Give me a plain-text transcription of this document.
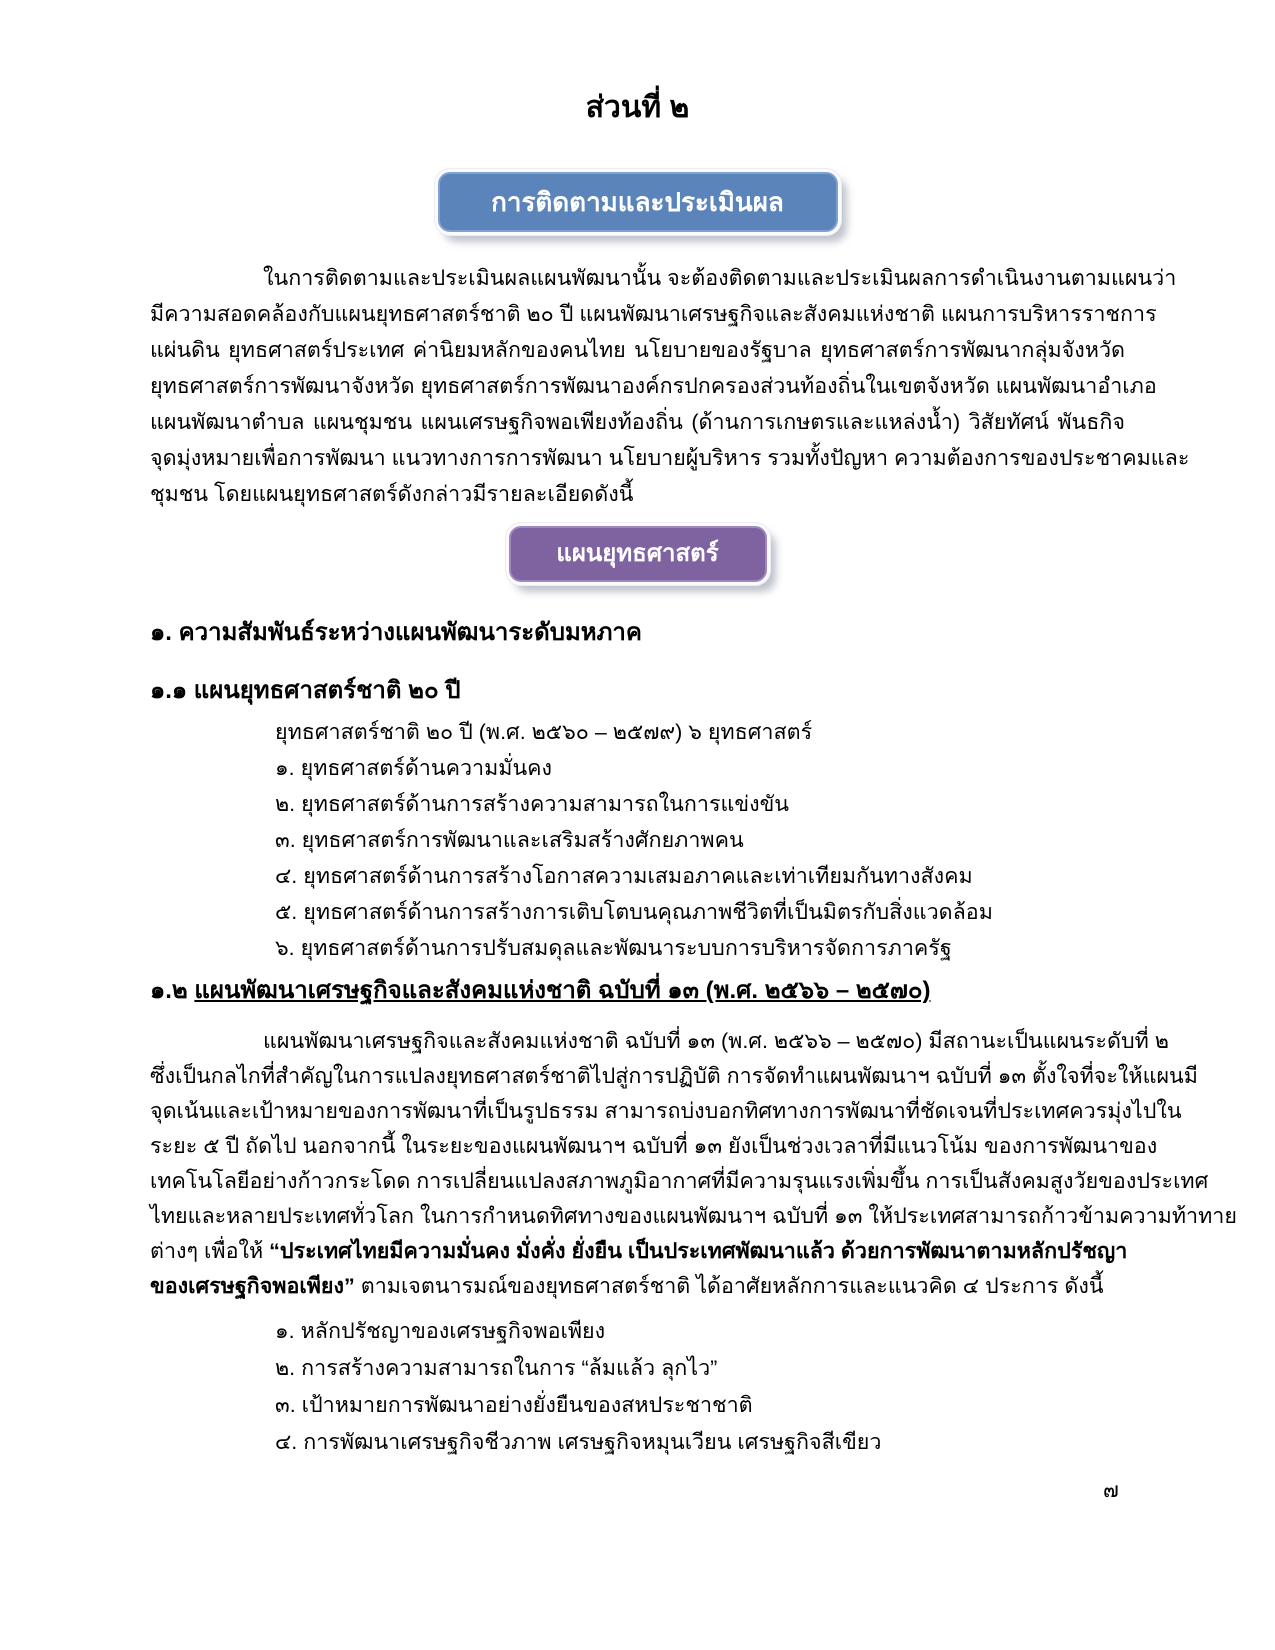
ส่วนที่ ๒
การติดตามและประเมินผล
ในการติดตามและประเมินผลแผนพัฒนานั้น จะต้องติดตามและประเมินผลการดำเนินงานตามแผนว่า
มีความสอดคล้องกับแผนยุทธศาสตร์ชาติ ๒๐ ปี แผนพัฒนาเศรษฐกิจและสังคมแห่งชาติ แผนการบริหารราชการ
แผ่นดิน ยุทธศาสตร์ประเทศ ค่านิยมหลักของคนไทย นโยบายของรัฐบาล ยุทธศาสตร์การพัฒนากลุ่มจังหวัด
ยุทธศาสตร์การพัฒนาจังหวัด ยุทธศาสตร์การพัฒนาองค์กรปกครองส่วนท้องถิ่นในเขตจังหวัด แผนพัฒนาอำเภอ
แผนพัฒนาตำบล แผนชุมชน แผนเศรษฐกิจพอเพียงท้องถิ่น (ด้านการเกษตรและแหล่งน้ำ) วิสัยทัศน์ พันธกิจ
จุดมุ่งหมายเพื่อการพัฒนา แนวทางการการพัฒนา นโยบายผู้บริหาร รวมทั้งปัญหา ความต้องการของประชาคมและ
ชุมชน โดยแผนยุทธศาสตร์ดังกล่าวมีรายละเอียดดังนี้
แผนยุทธศาสตร์
๑. ความสัมพันธ์ระหว่างแผนพัฒนาระดับมหภาค
๑.๑ แผนยุทธศาสตร์ชาติ ๒๐ ปี
ยุทธศาสตร์ชาติ ๒๐ ปี (พ.ศ. ๒๕๖๐ – ๒๕๗๙) ๖ ยุทธศาสตร์
๑. ยุทธศาสตร์ด้านความมั่นคง
๒. ยุทธศาสตร์ด้านการสร้างความสามารถในการแข่งขัน
๓. ยุทธศาสตร์การพัฒนาและเสริมสร้างศักยภาพคน
๔. ยุทธศาสตร์ด้านการสร้างโอกาสความเสมอภาคและเท่าเทียมกันทางสังคม
๕. ยุทธศาสตร์ด้านการสร้างการเติบโตบนคุณภาพชีวิตที่เป็นมิตรกับสิ่งแวดล้อม
๖. ยุทธศาสตร์ด้านการปรับสมดุลและพัฒนาระบบการบริหารจัดการภาครัฐ
๑.๒ แผนพัฒนาเศรษฐกิจและสังคมแห่งชาติ ฉบับที่ ๑๓ (พ.ศ. ๒๕๖๖ – ๒๕๗๐)
แผนพัฒนาเศรษฐกิจและสังคมแห่งชาติ ฉบับที่ ๑๓ (พ.ศ. ๒๕๖๖ – ๒๕๗๐) มีสถานะเป็นแผนระดับที่ ๒
ซึ่งเป็นกลไกที่สำคัญในการแปลงยุทธศาสตร์ชาติไปสู่การปฏิบัติ การจัดทำแผนพัฒนาฯ ฉบับที่ ๑๓ ตั้งใจที่จะให้แผนมี
จุดเน้นและเป้าหมายของการพัฒนาที่เป็นรูปธรรม สามารถบ่งบอกทิศทางการพัฒนาที่ชัดเจนที่ประเทศควรมุ่งไปใน
ระยะ ๕ ปี ถัดไป นอกจากนี้ ในระยะของแผนพัฒนาฯ ฉบับที่ ๑๓ ยังเป็นช่วงเวลาที่มีแนวโน้ม ของการพัฒนาของ
เทคโนโลยีอย่างก้าวกระโดด การเปลี่ยนแปลงสภาพภูมิอากาศที่มีความรุนแรงเพิ่มขึ้น การเป็นสังคมสูงวัยของประเทศ
ไทยและหลายประเทศทั่วโลก ในการกำหนดทิศทางของแผนพัฒนาฯ ฉบับที่ ๑๓ ให้ประเทศสามารถก้าวข้ามความท้าทาย
ต่างๆ เพื่อให้ “ประเทศไทยมีความมั่นคง มั่งคั่ง ยั่งยืน เป็นประเทศพัฒนาแล้ว ด้วยการพัฒนาตามหลักปรัชญา
ของเศรษฐกิจพอเพียง” ตามเจตนารมณ์ของยุทธศาสตร์ชาติ ได้อาศัยหลักการและแนวคิด ๔ ประการ ดังนี้
๑. หลักปรัชญาของเศรษฐกิจพอเพียง
๒. การสร้างความสามารถในการ “ล้มแล้ว ลุกไว”
๓. เป้าหมายการพัฒนาอย่างยั่งยืนของสหประชาชาติ
๔. การพัฒนาเศรษฐกิจชีวภาพ เศรษฐกิจหมุนเวียน เศรษฐกิจสีเขียว
๗
